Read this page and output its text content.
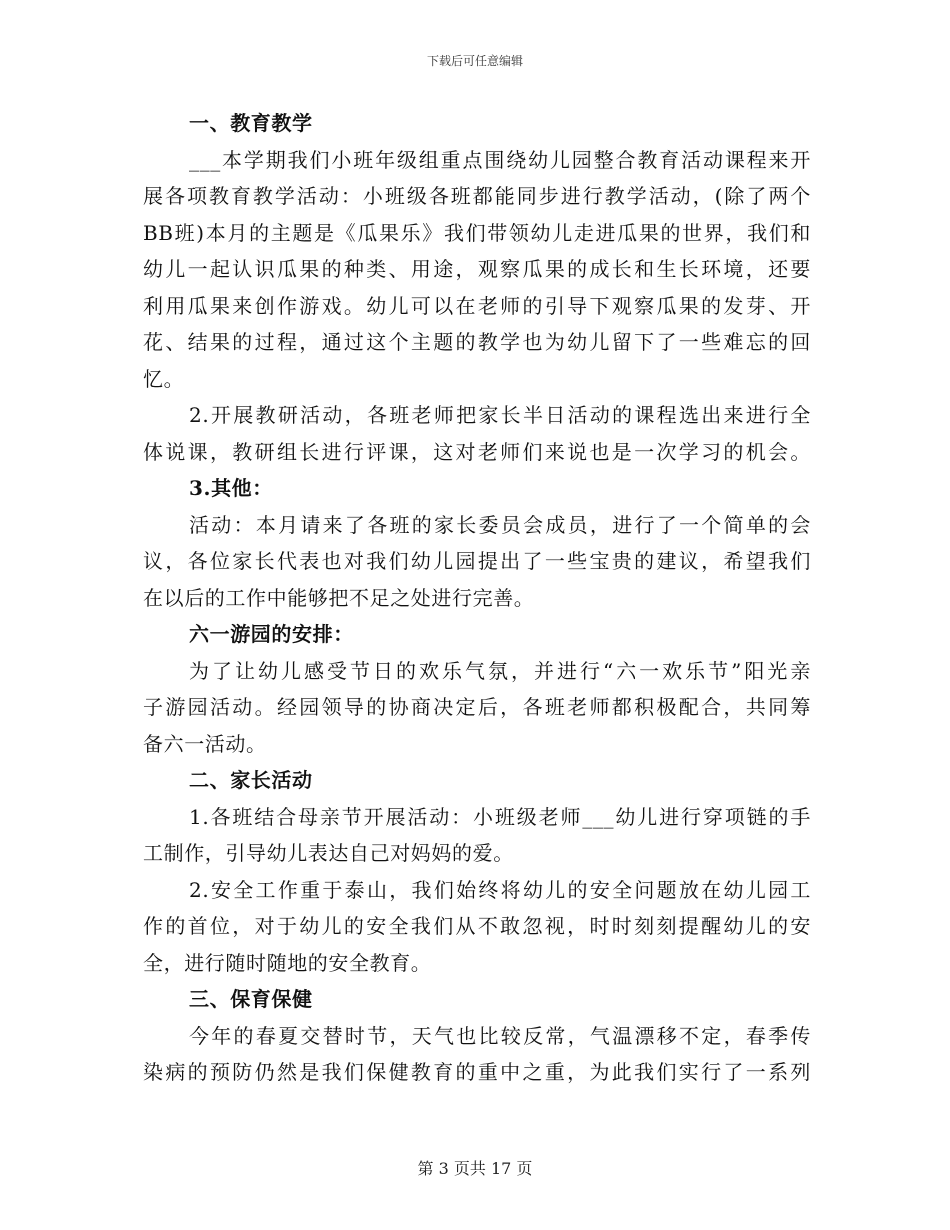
下载后可任意编辑
一、教育教学
___本学期我们小班年级组重点围绕幼儿园整合教育活动课程来开
展各项教育教学活动：小班级各班都能同步进行教学活动，(除了两个
BB班)本月的主题是《瓜果乐》我们带领幼儿走进瓜果的世界，我们和
幼儿一起认识瓜果的种类、用途，观察瓜果的成长和生长环境，还要
利用瓜果来创作游戏。幼儿可以在老师的引导下观察瓜果的发芽、开
花、结果的过程，通过这个主题的教学也为幼儿留下了一些难忘的回
忆。
2.开展教研活动，各班老师把家长半日活动的课程选出来进行全
体说课，教研组长进行评课，这对老师们来说也是一次学习的机会。
3.其他：
活动：本月请来了各班的家长委员会成员，进行了一个简单的会
议，各位家长代表也对我们幼儿园提出了一些宝贵的建议，希望我们
在以后的工作中能够把不足之处进行完善。
六一游园的安排：
为了让幼儿感受节日的欢乐气氛，并进行“六一欢乐节”阳光亲
子游园活动。经园领导的协商决定后，各班老师都积极配合，共同筹
备六一活动。
二、家长活动
1.各班结合母亲节开展活动：小班级老师___幼儿进行穿项链的手
工制作，引导幼儿表达自己对妈妈的爱。
2.安全工作重于泰山，我们始终将幼儿的安全问题放在幼儿园工
作的首位，对于幼儿的安全我们从不敢忽视，时时刻刻提醒幼儿的安
全，进行随时随地的安全教育。
三、保育保健
今年的春夏交替时节，天气也比较反常，气温漂移不定，春季传
染病的预防仍然是我们保健教育的重中之重，为此我们实行了一系列
第 3 页共 17 页
